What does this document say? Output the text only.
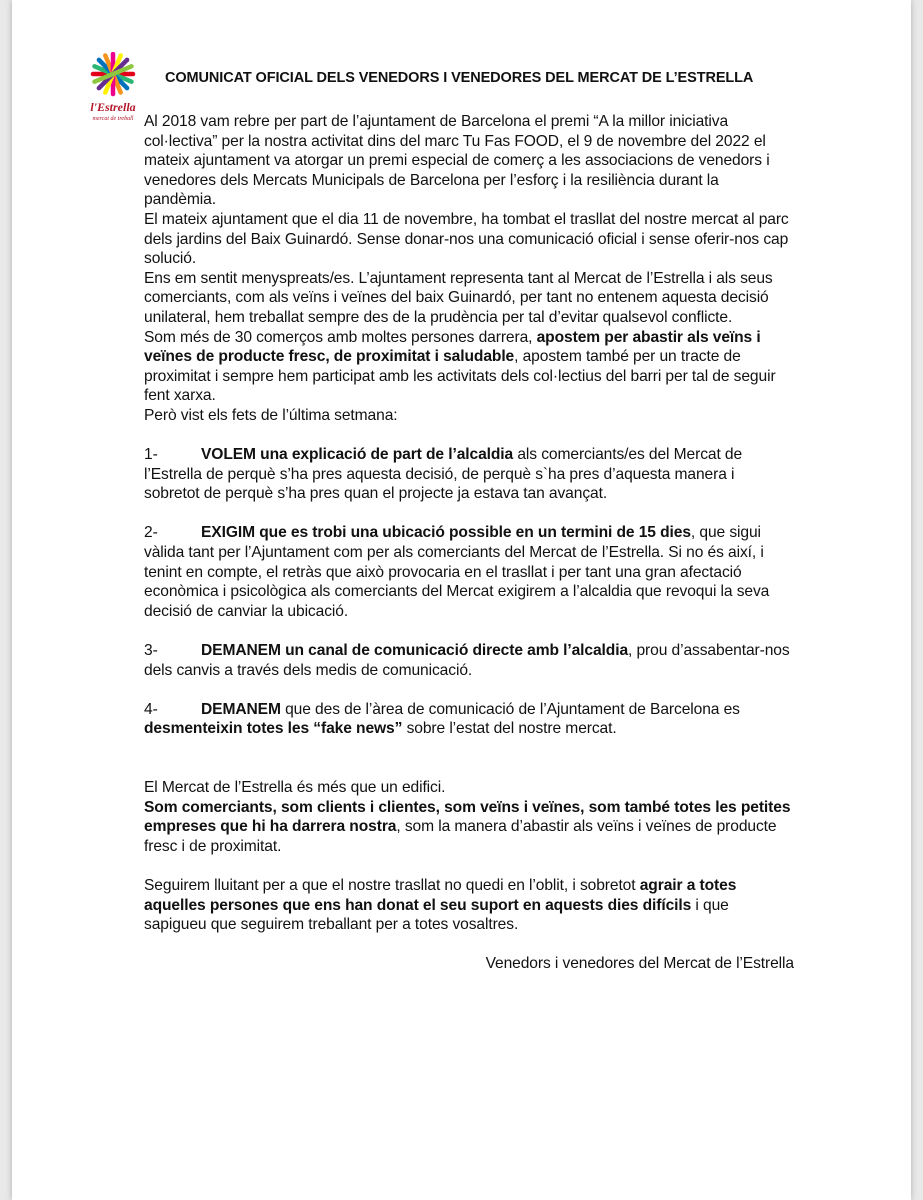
l'Estrella
mercat de treball
COMUNICAT OFICIAL DELS VENEDORS I VENEDORES DEL MERCAT DE L’ESTRELLA

Al 2018 vam rebre per part de l’ajuntament de Barcelona el premi “A la millor iniciativa col·lectiva” per la nostra activitat dins del marc Tu Fas FOOD, el 9 de novembre del 2022 el mateix ajuntament va atorgar un premi especial de comerç a les associacions de venedors i venedores dels Mercats Municipals de Barcelona per l’esforç i la resiliència durant la pandèmia.

El mateix ajuntament que el dia 11 de novembre, ha tombat el trasllat del nostre mercat al parc dels jardins del Baix Guinardó. Sense donar-nos una comunicació oficial i sense oferir-nos cap solució.

Ens em sentit menyspreats/es. L’ajuntament representa tant al Mercat de l’Estrella i als seus comerciants, com als veïns i veïnes del baix Guinardó, per tant no entenem aquesta decisió unilateral, hem treballat sempre des de la prudència per tal d’evitar qualsevol conflicte.

Som més de 30 comerços amb moltes persones darrera, apostem per abastir als veïns i veïnes de producte fresc, de proximitat i saludable, apostem també per un tracte de proximitat i sempre hem participat amb les activitats dels col·lectius del barri per tal de seguir fent xarxa.

Però vist els fets de l’última setmana:

1-	VOLEM una explicació de part de l’alcaldia als comerciants/es del Mercat de l’Estrella de perquè s’ha pres aquesta decisió, de perquè s`ha pres d’aquesta manera i sobretot de perquè s’ha pres quan el projecte ja estava tan avançat.

2-	EXIGIM que es trobi una ubicació possible en un termini de 15 dies, que sigui vàlida tant per l’Ajuntament com per als comerciants del Mercat de l’Estrella. Si no és així, i tenint en compte, el retràs que això provocaria en el trasllat i per tant una gran afectació econòmica i psicològica als comerciants del Mercat exigirem a l’alcaldia que revoqui la seva decisió de canviar la ubicació.

3-	DEMANEM un canal de comunicació directe amb l’alcaldia, prou d’assabentar-nos dels canvis a través dels medis de comunicació.

4-	DEMANEM que des de l’àrea de comunicació de l’Ajuntament de Barcelona es desmenteixin totes les “fake news” sobre l’estat del nostre mercat.

El Mercat de l’Estrella és més que un edifici.

Som comerciants, som clients i clientes, som veïns i veïnes, som també totes les petites empreses que hi ha darrera nostra, som la manera d’abastir als veïns i veïnes de producte fresc i de proximitat.

Seguirem lluitant per a que el nostre trasllat no quedi en l’oblit, i sobretot agrair a totes aquelles persones que ens han donat el seu suport en aquests dies difícils i que sapigueu que seguirem treballant per a totes vosaltres.

Venedors i venedores del Mercat de l’Estrella
